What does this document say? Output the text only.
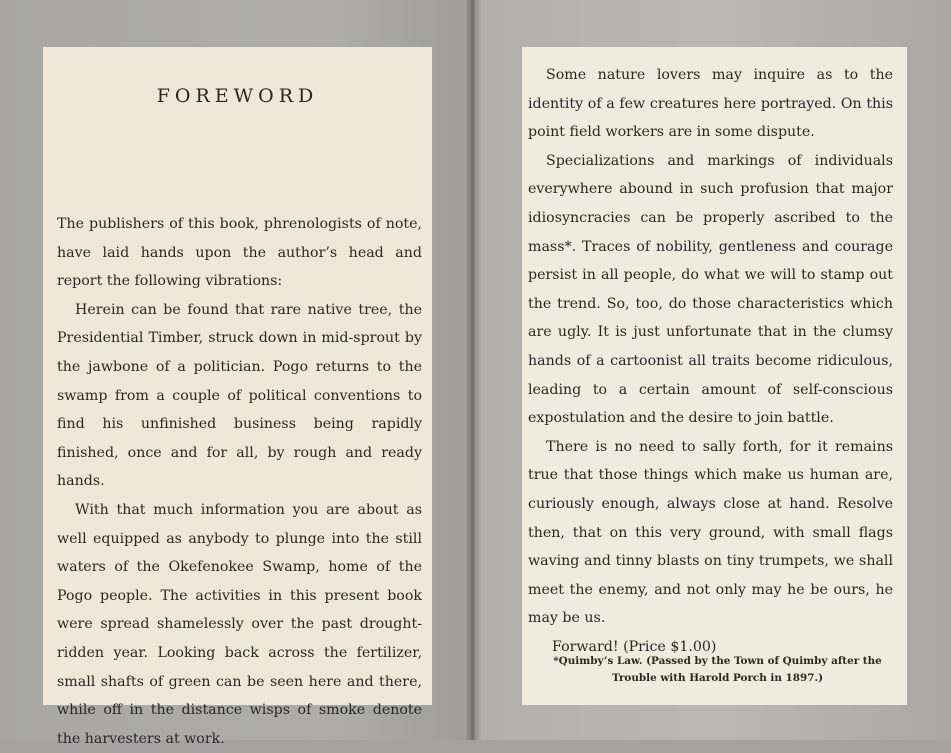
FOREWORD

The publishers of this book, phrenologists of note, have laid hands upon the author’s head and report the following vibrations:

Herein can be found that rare native tree, the Presidential Timber, struck down in mid-sprout by the jawbone of a politician. Pogo returns to the swamp from a couple of political conventions to find his unfinished business being rapidly finished, once and for all, by rough and ready hands.

With that much information you are about as well equipped as anybody to plunge into the still waters of the Okefenokee Swamp, home of the Pogo people. The activities in this present book were spread shamelessly over the past drought-ridden year. Looking back across the fertilizer, small shafts of green can be seen here and there, while off in the distance wisps of smoke denote the harvesters at work.

Some nature lovers may inquire as to the identity of a few creatures here portrayed. On this point field workers are in some dispute.

Specializations and markings of individuals everywhere abound in such profusion that major idiosyncracies can be properly ascribed to the mass*. Traces of nobility, gentleness and courage persist in all people, do what we will to stamp out the trend. So, too, do those characteristics which are ugly. It is just unfortunate that in the clumsy hands of a cartoonist all traits become ridiculous, leading to a certain amount of self-conscious expostulation and the desire to join battle.

There is no need to sally forth, for it remains true that those things which make us human are, curiously enough, always close at hand. Resolve then, that on this very ground, with small flags waving and tinny blasts on tiny trumpets, we shall meet the enemy, and not only may he be ours, he may be us.

Forward! (Price $1.00)

*Quimby’s Law. (Passed by the Town of Quimby after the
Trouble with Harold Porch in 1897.)
